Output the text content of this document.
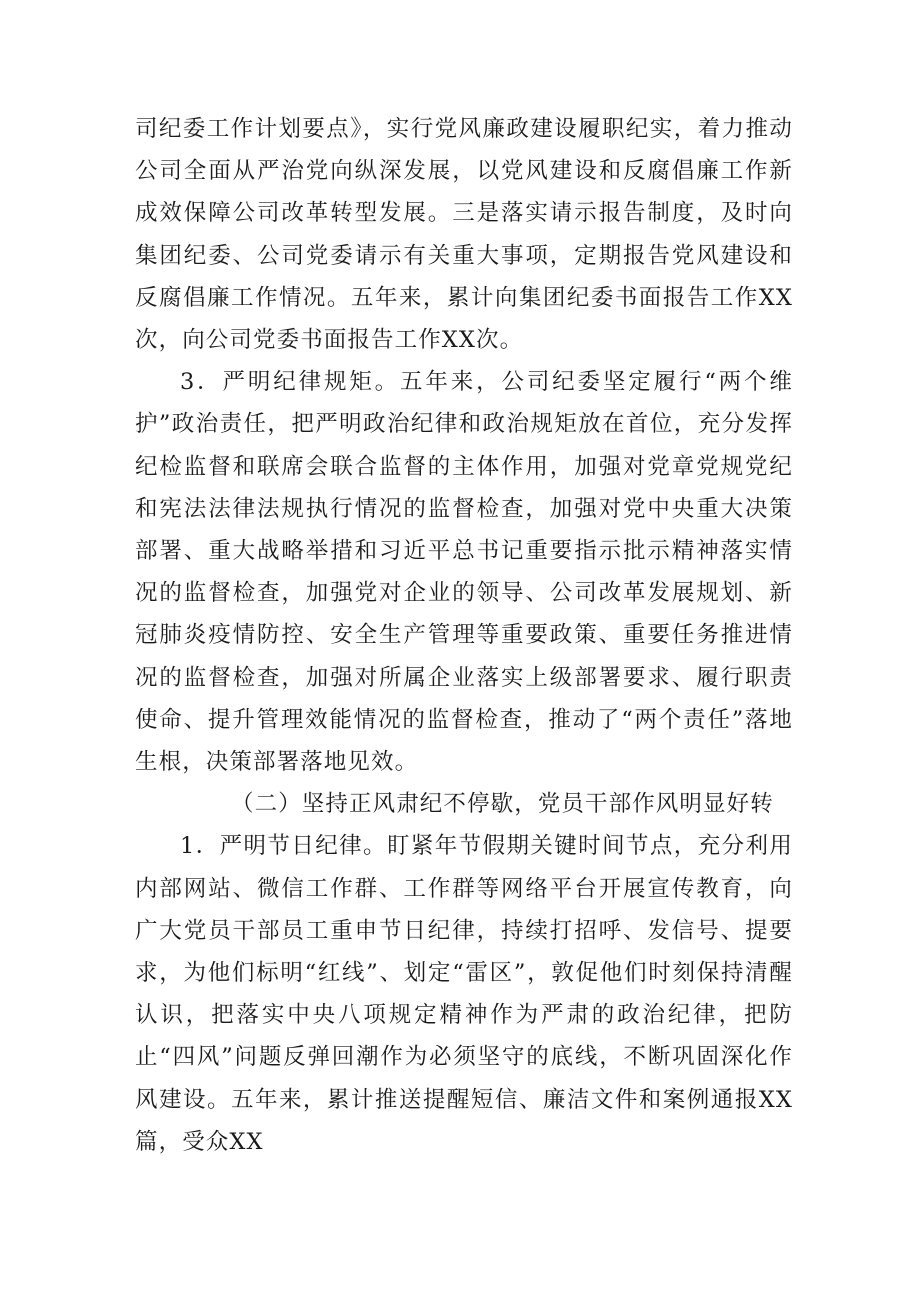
司纪委工作计划要点》，实行党风廉政建设履职纪实，着力推动公司全面从严治党向纵深发展，以党风建设和反腐倡廉工作新成效保障公司改革转型发展。三是落实请示报告制度，及时向集团纪委、公司党委请示有关重大事项，定期报告党风建设和反腐倡廉工作情况。五年来，累计向集团纪委书面报告工作XX次，向公司党委书面报告工作XX次。

3．严明纪律规矩。五年来，公司纪委坚定履行“两个维护”政治责任，把严明政治纪律和政治规矩放在首位，充分发挥纪检监督和联席会联合监督的主体作用，加强对党章党规党纪和宪法法律法规执行情况的监督检查，加强对党中央重大决策部署、重大战略举措和习近平总书记重要指示批示精神落实情况的监督检查，加强党对企业的领导、公司改革发展规划、新冠肺炎疫情防控、安全生产管理等重要政策、重要任务推进情况的监督检查，加强对所属企业落实上级部署要求、履行职责使命、提升管理效能情况的监督检查，推动了“两个责任”落地生根，决策部署落地见效。

（二）坚持正风肃纪不停歇，党员干部作风明显好转

1．严明节日纪律。盯紧年节假期关键时间节点，充分利用内部网站、微信工作群、工作群等网络平台开展宣传教育，向广大党员干部员工重申节日纪律，持续打招呼、发信号、提要求，为他们标明“红线”、划定“雷区”，敦促他们时刻保持清醒认识，把落实中央八项规定精神作为严肃的政治纪律，把防止“四风”问题反弹回潮作为必须坚守的底线，不断巩固深化作风建设。五年来，累计推送提醒短信、廉洁文件和案例通报XX篇，受众XX
